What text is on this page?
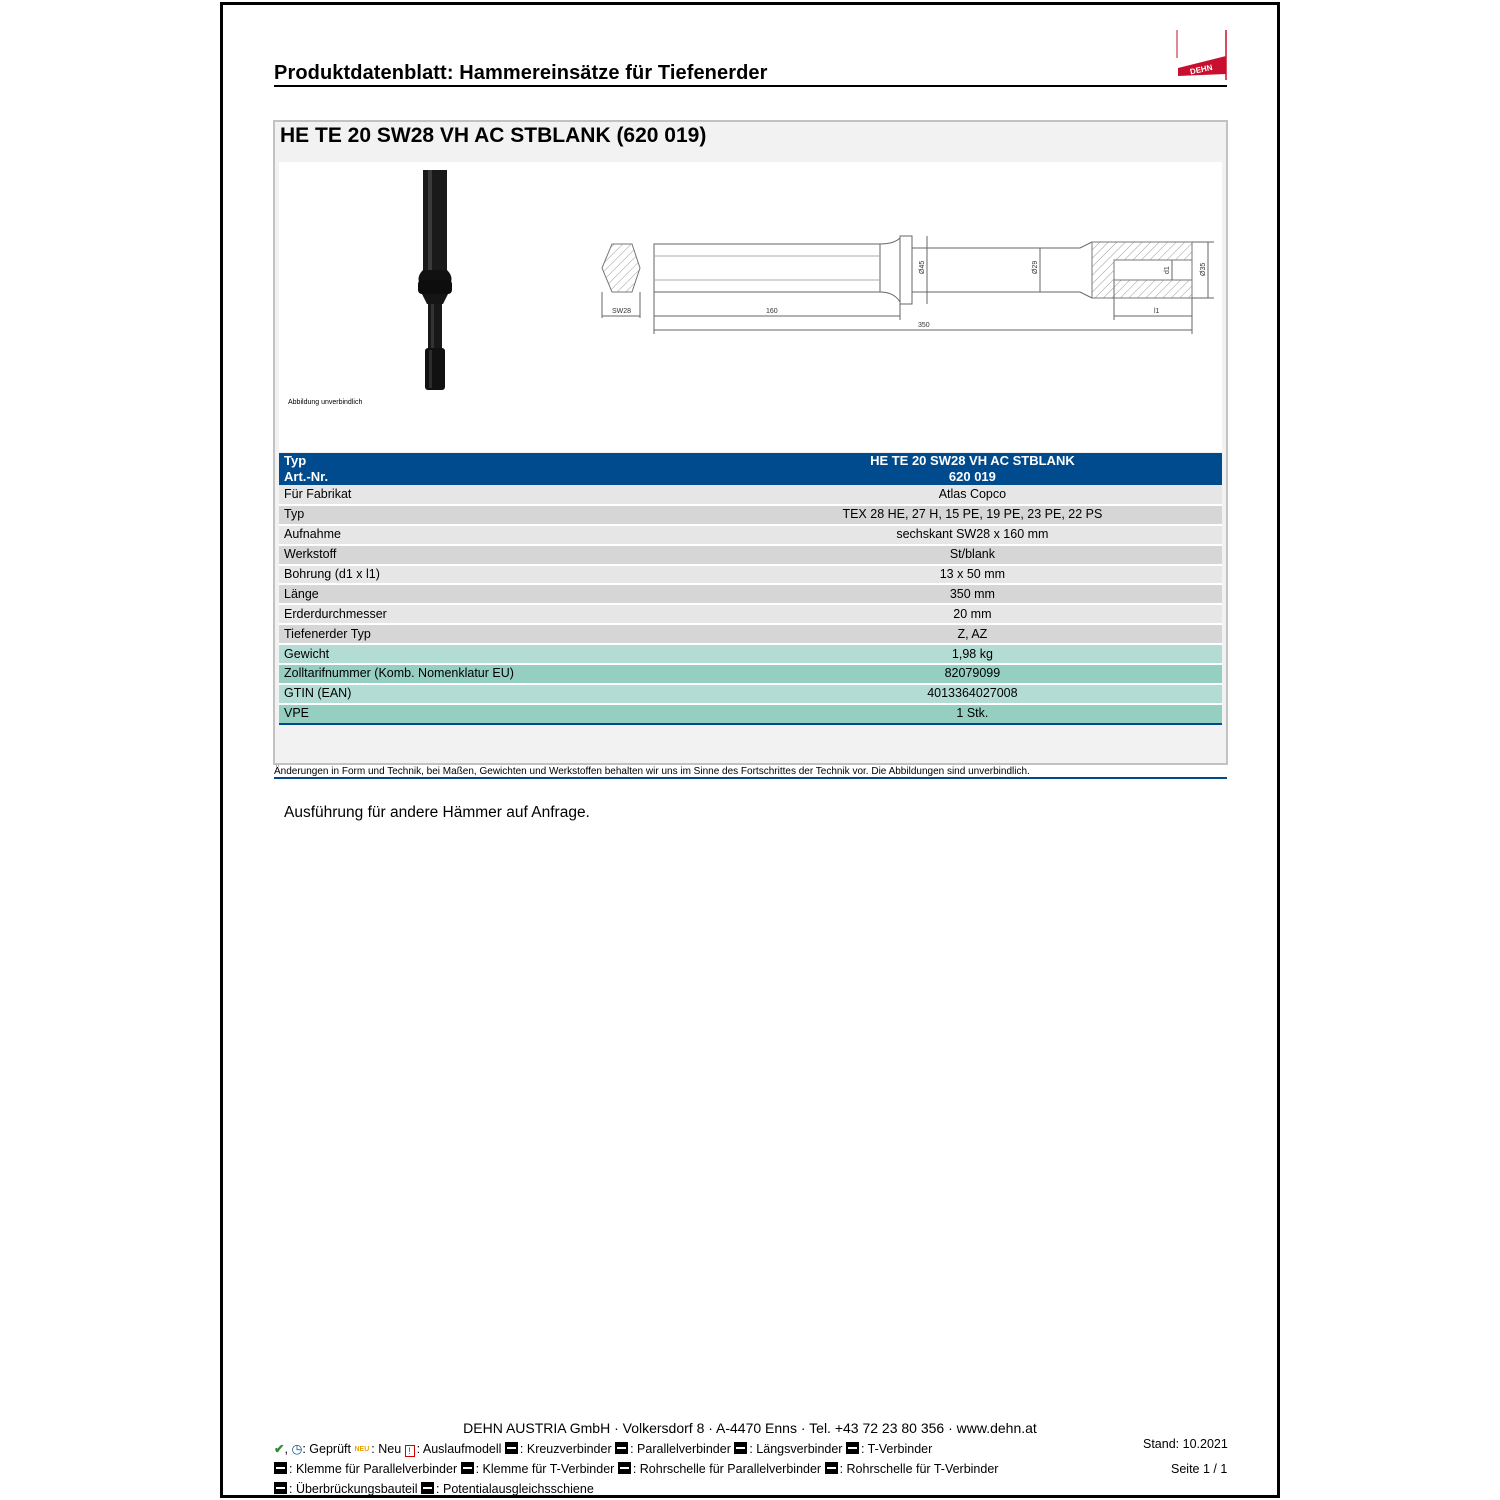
Produktdatenblatt: Hammereinsätze für Tiefenerder	DEHN
HE TE 20 SW28 VH AC STBLANK (620 019)
Abbildung unverbindlich
SW28	160
350
l1
Ø45	Ø29	d1	Ø35
Typ	HE TE 20 SW28 VH AC STBLANK
Art.-Nr.	620 019
Für Fabrikat	Atlas Copco
Typ	TEX 28 HE, 27 H, 15 PE, 19 PE, 23 PE, 22 PS
Aufnahme	sechskant SW28 x 160 mm
Werkstoff	St/blank
Bohrung (d1 x l1)	13 x 50 mm
Länge	350 mm
Erderdurchmesser	20 mm
Tiefenerder Typ	Z, AZ
Gewicht	1,98 kg
Zolltarifnummer (Komb. Nomenklatur EU)	82079099
GTIN (EAN)	4013364027008
VPE	1 Stk.
Änderungen in Form und Technik, bei Maßen, Gewichten und Werkstoffen behalten wir uns im Sinne des Fortschrittes der Technik vor. Die Abbildungen sind unverbindlich.
Ausführung für andere Hämmer auf Anfrage.
DEHN AUSTRIA GmbH · Volkersdorf 8 · A-4470 Enns · Tel. +43 72 23 80 356 · www.dehn.at
Stand: 10.2021
Seite 1 / 1
✔, ◷: Geprüft NEU : Neu ! : Auslaufmodell : Kreuzverbinder : Parallelverbinder : Längsverbinder : T-Verbinder
: Klemme für Parallelverbinder : Klemme für T-Verbinder : Rohrschelle für Parallelverbinder : Rohrschelle für T-Verbinder
: Überbrückungsbauteil : Potentialausgleichsschiene
